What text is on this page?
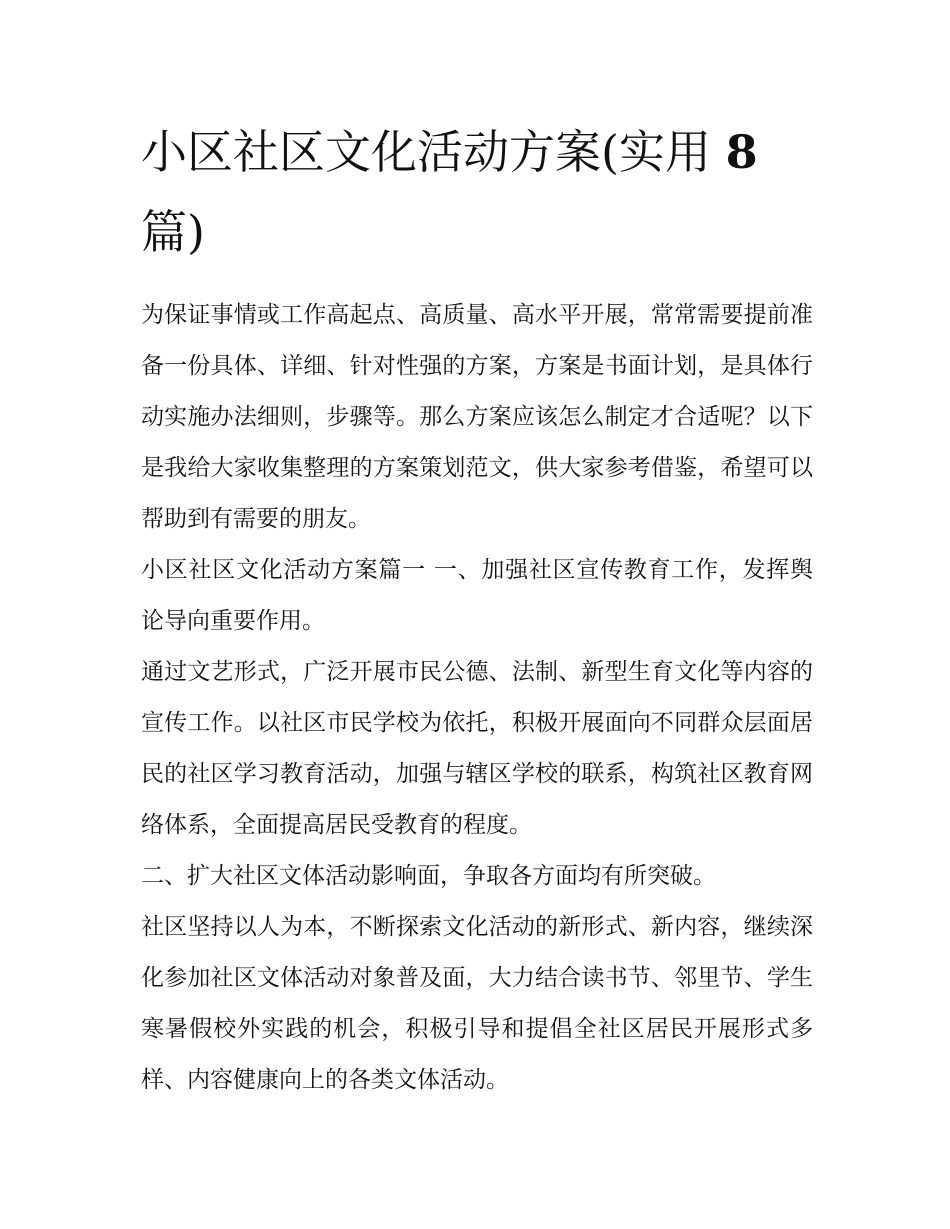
小区社区文化活动方案(实用 8 篇)

为保证事情或工作高起点、高质量、高水平开展，常常需要提前准备一份具体、详细、针对性强的方案，方案是书面计划，是具体行动实施办法细则，步骤等。那么方案应该怎么制定才合适呢？以下是我给大家收集整理的方案策划范文，供大家参考借鉴，希望可以帮助到有需要的朋友。

小区社区文化活动方案篇一 一、加强社区宣传教育工作，发挥舆论导向重要作用。

通过文艺形式，广泛开展市民公德、法制、新型生育文化等内容的宣传工作。以社区市民学校为依托，积极开展面向不同群众层面居民的社区学习教育活动，加强与辖区学校的联系，构筑社区教育网络体系，全面提高居民受教育的程度。

二、扩大社区文体活动影响面，争取各方面均有所突破。

社区坚持以人为本，不断探索文化活动的新形式、新内容，继续深化参加社区文体活动对象普及面，大力结合读书节、邻里节、学生寒暑假校外实践的机会，积极引导和提倡全社区居民开展形式多样、内容健康向上的各类文体活动。
